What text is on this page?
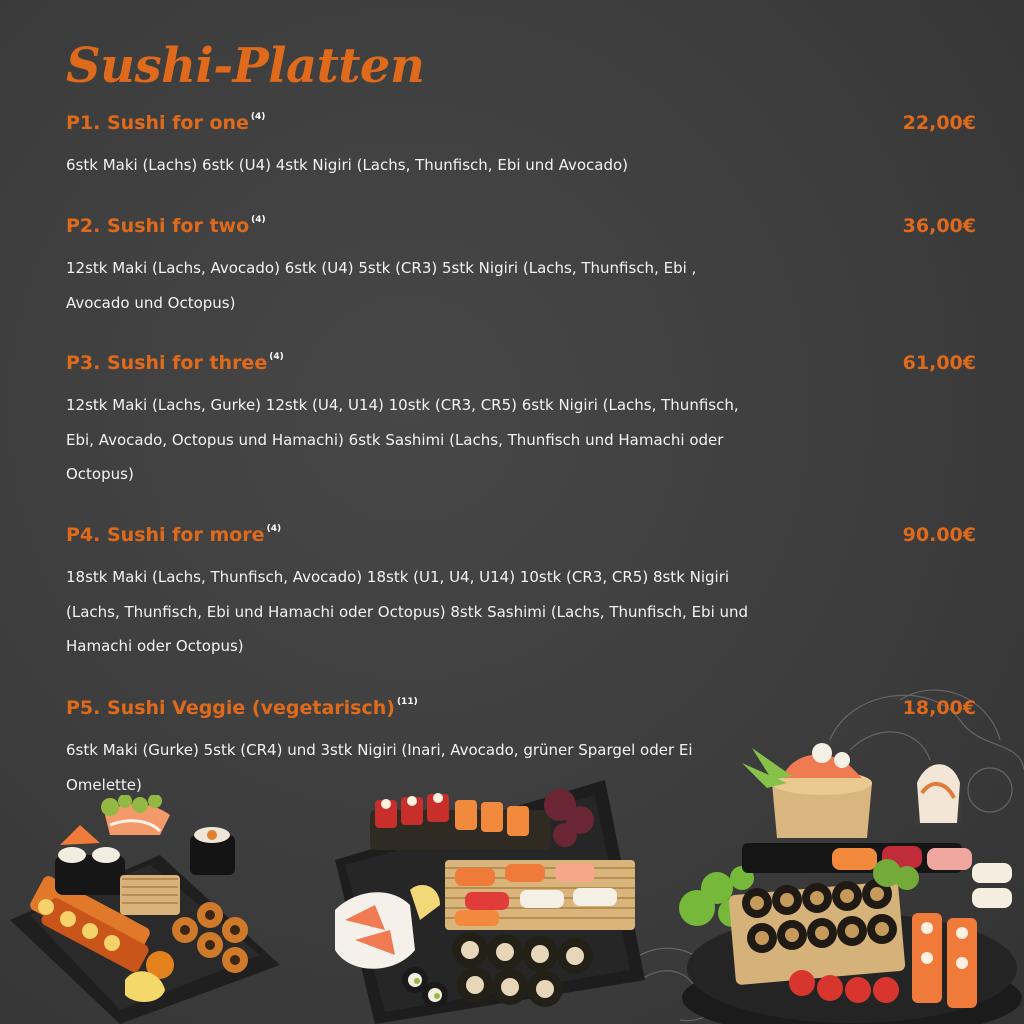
Sushi-Platten
P1. Sushi for one $^{(4)}$	22,00€
6stk Maki (Lachs) 6stk (U4) 4stk Nigiri (Lachs, Thunfisch, Ebi und Avocado)
P2. Sushi for two $^{(4)}$	36,00€
12stk Maki (Lachs, Avocado) 6stk (U4) 5stk (CR3) 5stk Nigiri (Lachs, Thunfisch, Ebi , Avocado und Octopus)
P3. Sushi for three $^{(4)}$	61,00€
12stk Maki (Lachs, Gurke) 12stk (U4, U14) 10stk (CR3, CR5) 6stk Nigiri (Lachs, Thunfisch, Ebi, Avocado, Octopus und Hamachi) 6stk Sashimi (Lachs, Thunfisch und Hamachi oder Octopus)
P4. Sushi for more $^{(4)}$	90.00€
18stk Maki (Lachs, Thunfisch, Avocado) 18stk (U1, U4, U14) 10stk (CR3, CR5) 8stk Nigiri (Lachs, Thunfisch, Ebi und Hamachi oder Octopus) 8stk Sashimi (Lachs, Thunfisch, Ebi und Hamachi oder Octopus)
P5. Sushi Veggie (vegetarisch) $^{(11)}$	18,00€
6stk Maki (Gurke) 5stk (CR4) und 3stk Nigiri (Inari, Avocado, grüner Spargel oder Ei Omelette)
